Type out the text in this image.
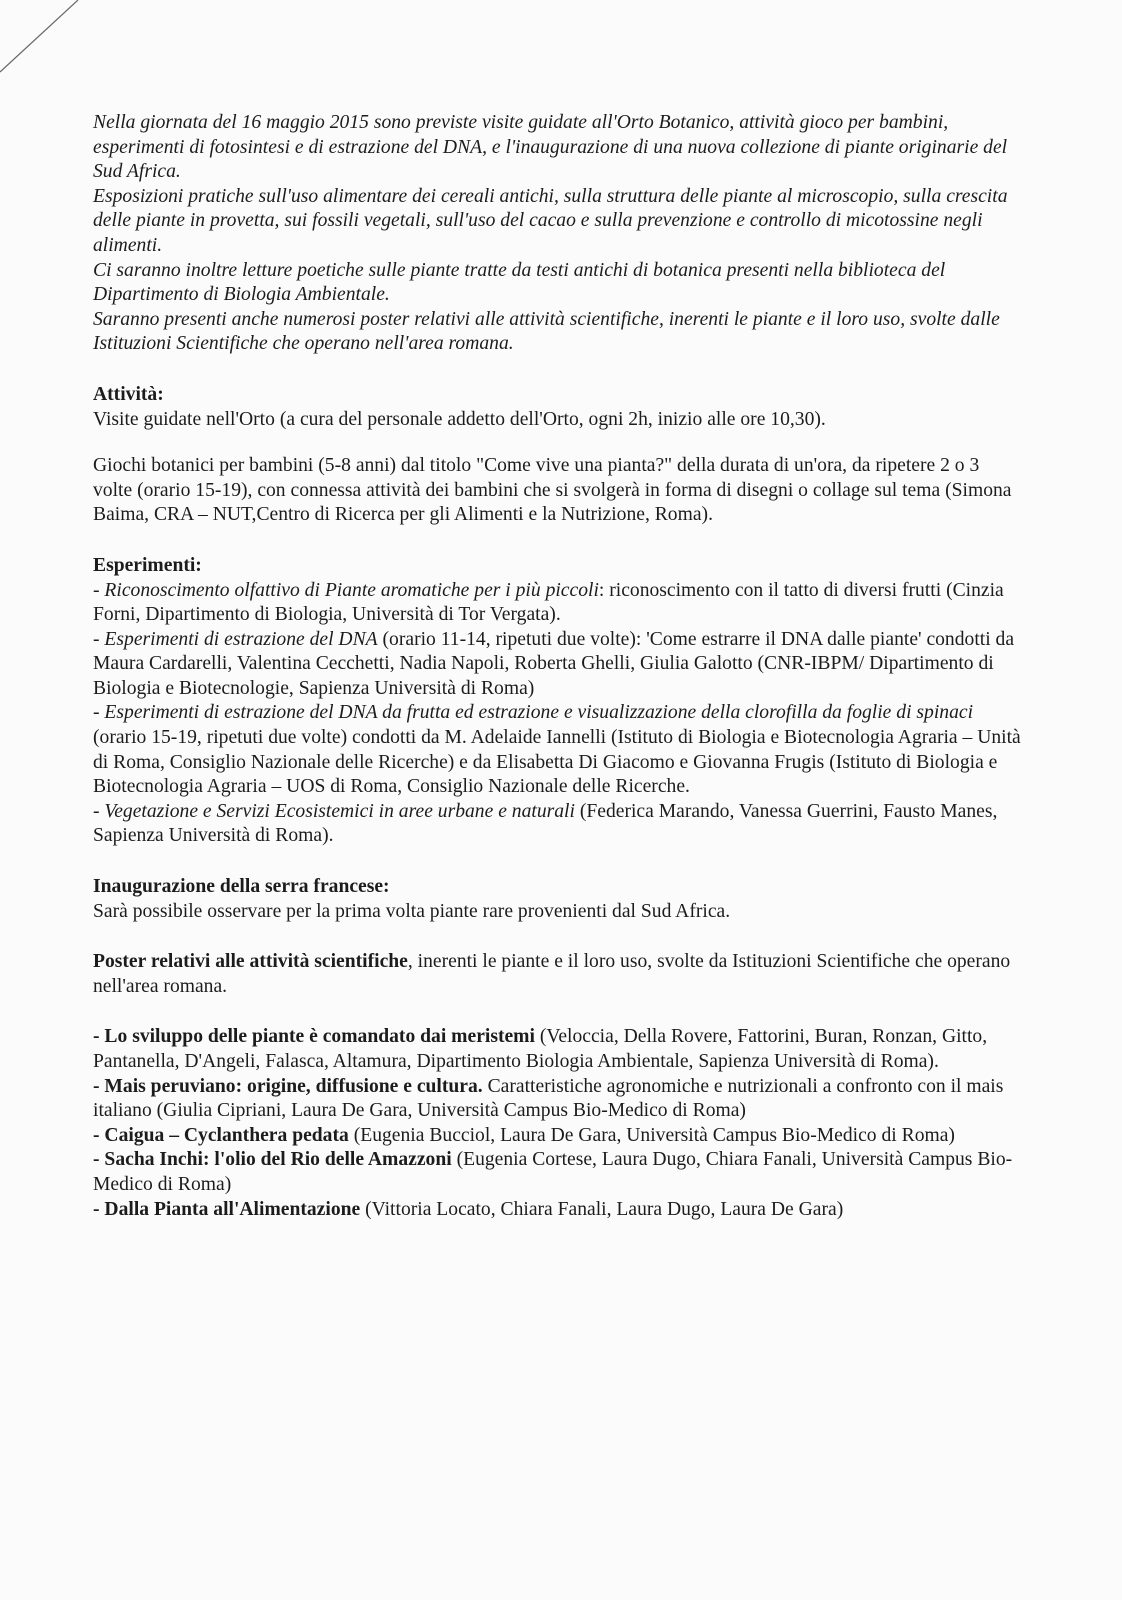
Nella giornata del 16 maggio 2015 sono previste visite guidate all'Orto Botanico, attività gioco per bambini, esperimenti di fotosintesi e di estrazione del DNA, e l'inaugurazione di una nuova collezione di piante originarie del Sud Africa.

Esposizioni pratiche sull'uso alimentare dei cereali antichi, sulla struttura delle piante al microscopio, sulla crescita delle piante in provetta, sui fossili vegetali, sull'uso del cacao e sulla prevenzione e controllo di micotossine negli alimenti.

Ci saranno inoltre letture poetiche sulle piante tratte da testi antichi di botanica presenti nella biblioteca del Dipartimento di Biologia Ambientale.

Saranno presenti anche numerosi poster relativi alle attività scientifiche, inerenti le piante e il loro uso, svolte dalle Istituzioni Scientifiche che operano nell'area romana.

Attività:

Visite guidate nell'Orto (a cura del personale addetto dell'Orto, ogni 2h, inizio alle ore 10,30).

Giochi botanici per bambini (5-8 anni) dal titolo "Come vive una pianta?" della durata di un'ora, da ripetere 2 o 3 volte (orario 15-19), con connessa attività dei bambini che si svolgerà in forma di disegni o collage sul tema (Simona Baima, CRA – NUT,Centro di Ricerca per gli Alimenti e la Nutrizione, Roma).

Esperimenti:

- Riconoscimento olfattivo di Piante aromatiche per i più piccoli: riconoscimento con il tatto di diversi frutti (Cinzia Forni, Dipartimento di Biologia, Università di Tor Vergata).

- Esperimenti di estrazione del DNA (orario 11-14, ripetuti due volte): 'Come estrarre il DNA dalle piante' condotti da Maura Cardarelli, Valentina Cecchetti, Nadia Napoli, Roberta Ghelli, Giulia Galotto (CNR-IBPM/ Dipartimento di Biologia e Biotecnologie, Sapienza Università di Roma)

- Esperimenti di estrazione del DNA da frutta ed estrazione e visualizzazione della clorofilla da foglie di spinaci (orario 15-19, ripetuti due volte) condotti da M. Adelaide Iannelli (Istituto di Biologia e Biotecnologia Agraria – Unità di Roma, Consiglio Nazionale delle Ricerche) e da Elisabetta Di Giacomo e Giovanna Frugis (Istituto di Biologia e Biotecnologia Agraria – UOS di Roma, Consiglio Nazionale delle Ricerche.

- Vegetazione e Servizi Ecosistemici in aree urbane e naturali (Federica Marando, Vanessa Guerrini, Fausto Manes, Sapienza Università di Roma).

Inaugurazione della serra francese:

Sarà possibile osservare per la prima volta piante rare provenienti dal Sud Africa.

Poster relativi alle attività scientifiche, inerenti le piante e il loro uso, svolte da Istituzioni Scientifiche che operano nell'area romana.

- Lo sviluppo delle piante è comandato dai meristemi (Veloccia, Della Rovere, Fattorini, Buran, Ronzan, Gitto, Pantanella, D'Angeli, Falasca, Altamura, Dipartimento Biologia Ambientale, Sapienza Università di Roma).

- Mais peruviano: origine, diffusione e cultura. Caratteristiche agronomiche e nutrizionali a confronto con il mais italiano (Giulia Cipriani, Laura De Gara, Università Campus Bio-Medico di Roma)

- Caigua – Cyclanthera pedata (Eugenia Bucciol, Laura De Gara, Università Campus Bio-Medico di Roma)

- Sacha Inchi: l'olio del Rio delle Amazzoni (Eugenia Cortese, Laura Dugo, Chiara Fanali, Università Campus Bio-Medico di Roma)

- Dalla Pianta all'Alimentazione (Vittoria Locato, Chiara Fanali, Laura Dugo, Laura De Gara)
